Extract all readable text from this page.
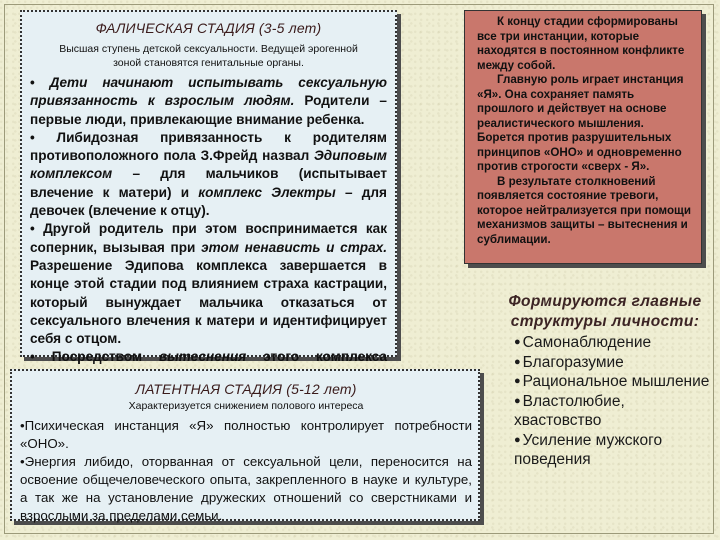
ФАЛИЧЕСКАЯ СТАДИЯ (3-5 лет)
Высшая ступень детской сексуальности. Ведущей эрогенной зоной становятся генитальные органы.

• Дети начинают испытывать сексуальную привязанность к взрослым людям. Родители – первые люди, привлекающие внимание ребенка.
• Либидозная привязанность к родителям противоположного пола З.Фрейд назвал Эдиповым комплексом – для мальчиков (испытывает влечение к матери) и комплекс Электры – для девочек (влечение к отцу).
• Другой родитель при этом воспринимается как соперник, вызывая при этом ненависть и страх. Разрешение Эдипова комплекса завершается в конце этой стадии под влиянием страха кастрации, который вынуждает мальчика отказаться от сексуального влечения к матери и идентифицирует себя с отцом.
• Посредством вытеснения этого комплекса

ЛАТЕНТНАЯ СТАДИЯ (5-12 лет)
Характеризуется снижением полового интереса

•Психическая инстанция «Я» полностью контролирует потребности «ОНО».

•Энергия либидо, оторванная от сексуальной цели, переносится на освоение общечеловеческого опыта, закрепленного в науке и культуре, а так же на установление дружеских отношений со сверстниками и взрослыми за пределами семьи.

К концу стадии сформированы все три инстанции, которые находятся в постоянном конфликте между собой.

Главную роль играет инстанция «Я». Она сохраняет память прошлого и действует на основе реалистического мышления. Борется против разрушительных принципов «ОНО» и одновременно против строгости «сверх - Я».

В результате столкновений появляется состояние тревоги, которое нейтрализуется при помощи механизмов защиты – вытеснения и сублимации.

Формируются главные структуры личности:
● Самонаблюдение
● Благоразумие
● Рациональное мышление
● Властолюбие, хвастовство
● Усиление мужского поведения
